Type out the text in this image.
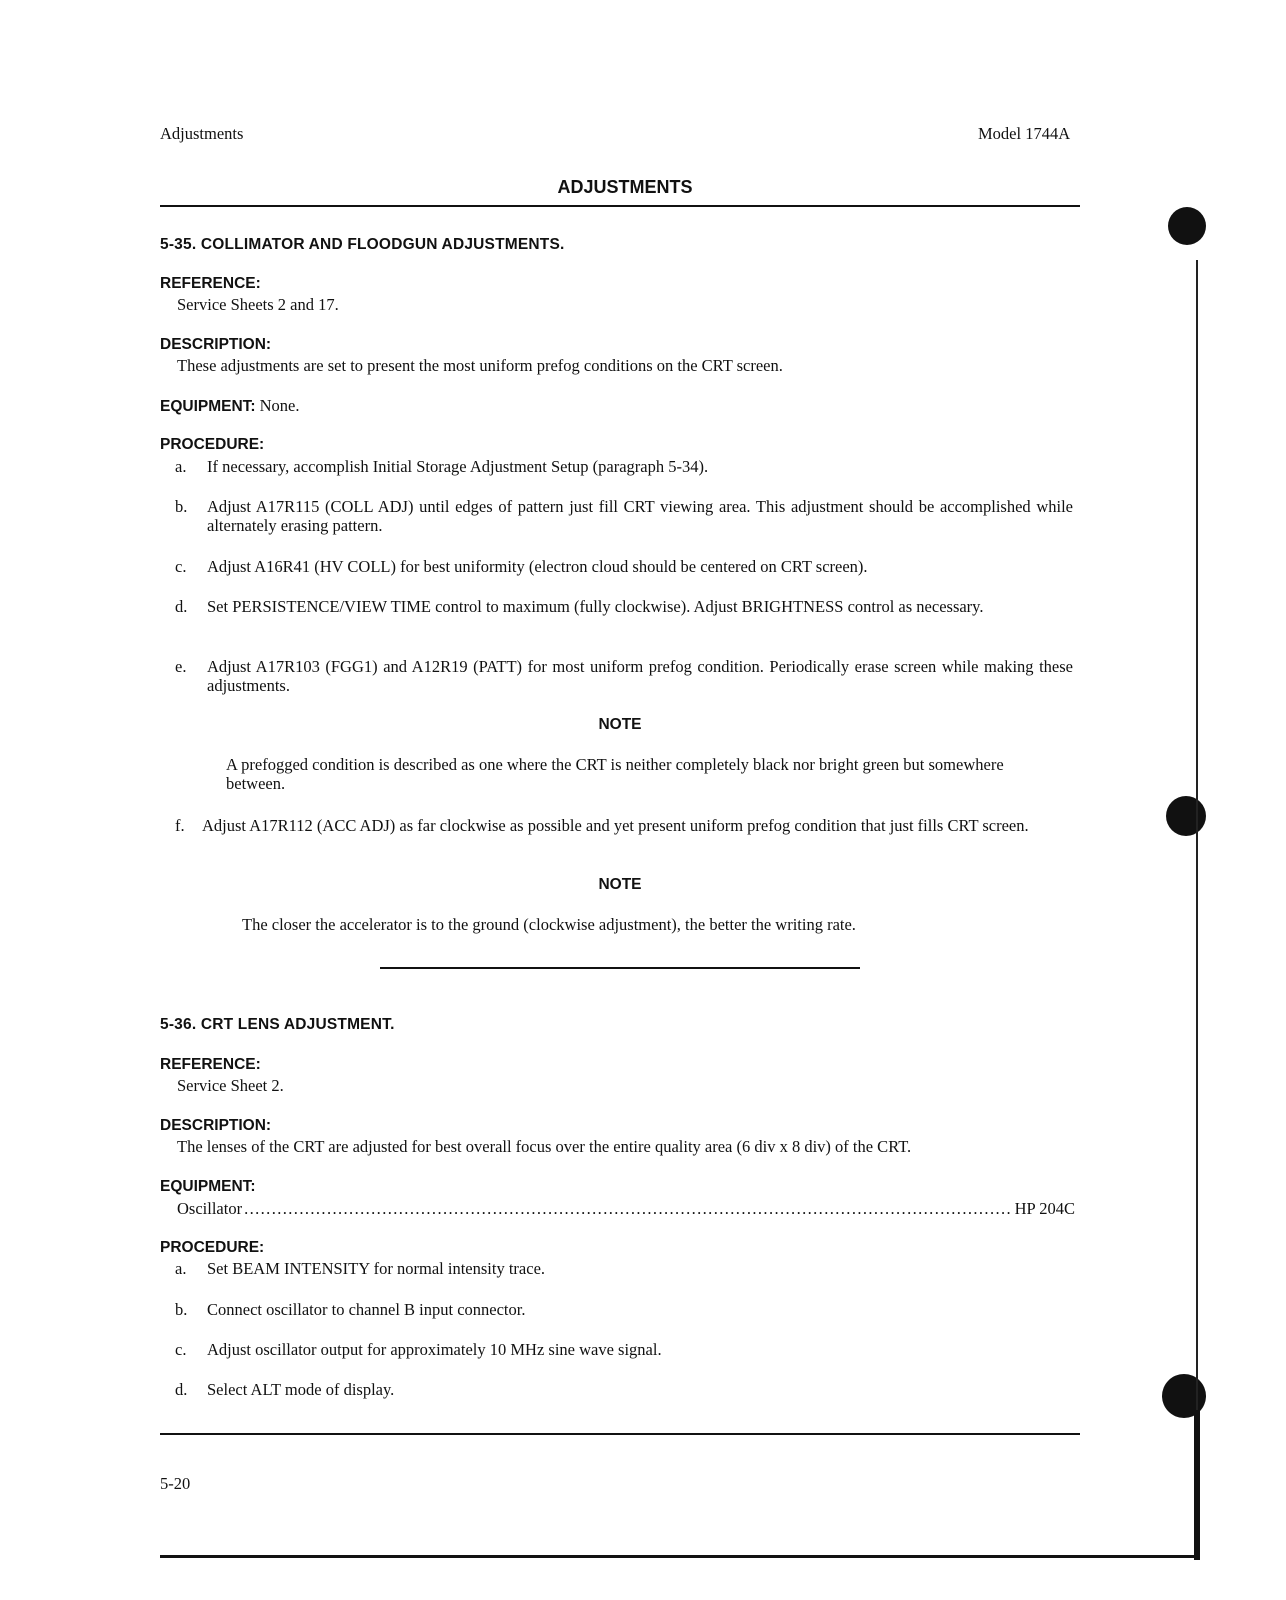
Adjustments	Model 1744A
ADJUSTMENTS
5-35. COLLIMATOR AND FLOODGUN ADJUSTMENTS.
REFERENCE:
Service Sheets 2 and 17.
DESCRIPTION:
These adjustments are set to present the most uniform prefog conditions on the CRT screen.
EQUIPMENT: None.
PROCEDURE:
a.	If necessary, accomplish Initial Storage Adjustment Setup (paragraph 5-34).
b.	Adjust A17R115 (COLL ADJ) until edges of pattern just fill CRT viewing area. This adjustment should be accomplished while alternately erasing pattern.
c.	Adjust A16R41 (HV COLL) for best uniformity (electron cloud should be centered on CRT screen).
d.	Set PERSISTENCE/VIEW TIME control to maximum (fully clockwise). Adjust BRIGHTNESS control as necessary.
e.	Adjust A17R103 (FGG1) and A12R19 (PATT) for most uniform prefog condition. Periodically erase screen while making these adjustments.
NOTE
A prefogged condition is described as one where the CRT is neither completely black nor bright green but somewhere between.
f.	Adjust A17R112 (ACC ADJ) as far clockwise as possible and yet present uniform prefog condition that just fills CRT screen.
NOTE
The closer the accelerator is to the ground (clockwise adjustment), the better the writing rate.
5-36. CRT LENS ADJUSTMENT.
REFERENCE:
Service Sheet 2.
DESCRIPTION:
The lenses of the CRT are adjusted for best overall focus over the entire quality area (6 div x 8 div) of the CRT.
EQUIPMENT:
Oscillator .....	HP 204C
PROCEDURE:
a.	Set BEAM INTENSITY for normal intensity trace.
b.	Connect oscillator to channel B input connector.
c.	Adjust oscillator output for approximately 10 MHz sine wave signal.
d.	Select ALT mode of display.
5-20
